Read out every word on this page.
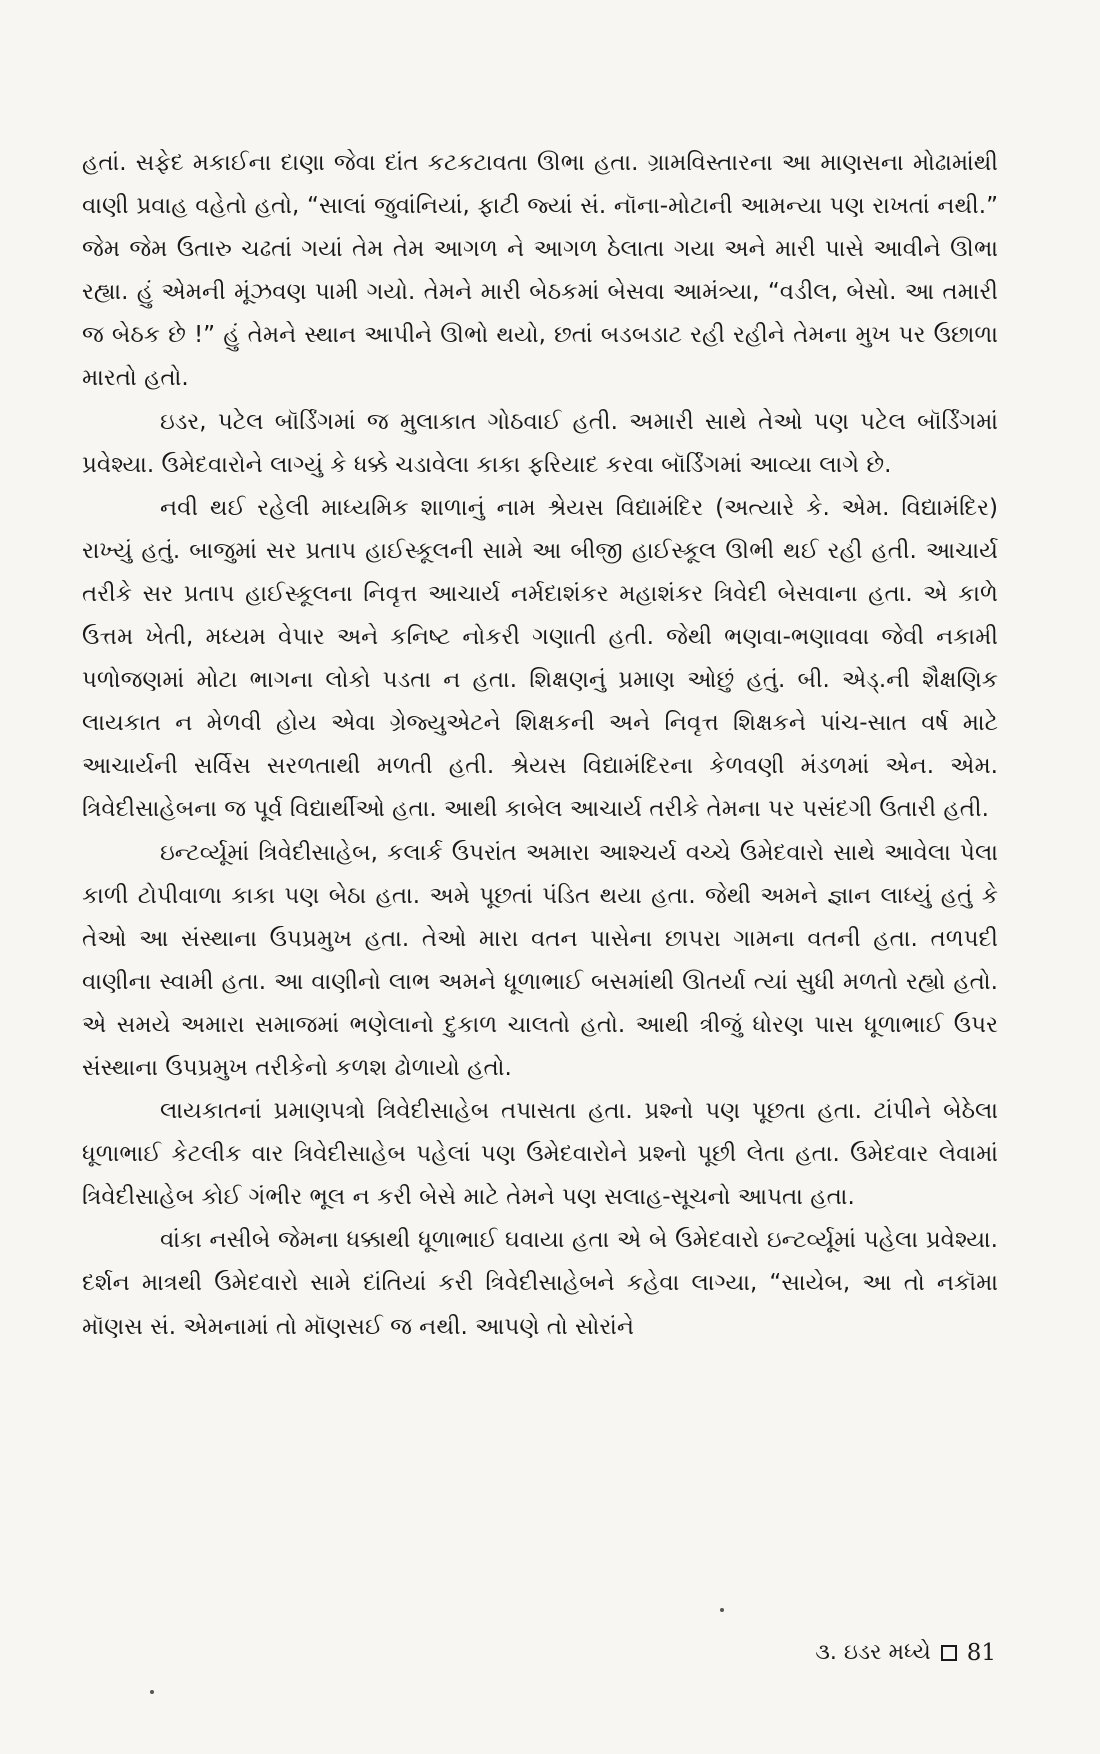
હતાં. સફેદ મકાઈના દાણા જેવા દાંત કટકટાવતા ઊભા હતા. ગ્રામવિસ્તારના આ માણસના મોઢામાંથી વાણી પ્રવાહ વહેતો હતો, “સાલાં જુવાંનિયાં, ફાટી જ્યાં સં. નૉના-મોટાની આમન્યા પણ રાખતાં નથી.” જેમ જેમ ઉતારુ ચઢતાં ગયાં તેમ તેમ આગળ ને આગળ ઠેલાતા ગયા અને મારી પાસે આવીને ઊભા રહ્યા. હું એમની મૂંઝવણ પામી ગયો. તેમને મારી બેઠકમાં બેસવા આમંત્ર્યા, “વડીલ, બેસો. આ તમારી જ બેઠક છે !” હું તેમને સ્થાન આપીને ઊભો થયો, છતાં બડબડાટ રહી રહીને તેમના મુખ પર ઉછાળા મારતો હતો.

ઇડર, પટેલ બૉર્ડિંગમાં જ મુલાકાત ગોઠવાઈ હતી. અમારી સાથે તેઓ પણ પટેલ બૉર્ડિંગમાં પ્રવેશ્યા. ઉમેદવારોને લાગ્યું કે ધક્કે ચડાવેલા કાકા ફરિયાદ કરવા બૉર્ડિંગમાં આવ્યા લાગે છે.

નવી થઈ રહેલી માધ્યમિક શાળાનું નામ શ્રેયસ વિદ્યામંદિર (અત્યારે કે. એમ. વિદ્યામંદિર) રાખ્યું હતું. બાજુમાં સર પ્રતાપ હાઈસ્કૂલની સામે આ બીજી હાઈસ્કૂલ ઊભી થઈ રહી હતી. આચાર્ય તરીકે સર પ્રતાપ હાઈસ્કૂલના નિવૃત્ત આચાર્ય નર્મદાશંકર મહાશંકર ત્રિવેદી બેસવાના હતા. એ કાળે ઉત્તમ ખેતી, મધ્યમ વેપાર અને કનિષ્ટ નોકરી ગણાતી હતી. જેથી ભણવા-ભણાવવા જેવી નકામી પળોજણમાં મોટા ભાગના લોકો પડતા ન હતા. શિક્ષણનું પ્રમાણ ઓછું હતું. બી. એડ્.ની શૈક્ષણિક લાયકાત ન મેળવી હોય એવા ગ્રેજ્યુએટને શિક્ષકની અને નિવૃત્ત શિક્ષકને પાંચ-સાત વર્ષ માટે આચાર્યની સર્વિસ સરળતાથી મળતી હતી. શ્રેયસ વિદ્યામંદિરના કેળવણી મંડળમાં એન. એમ. ત્રિવેદીસાહેબના જ પૂર્વ વિદ્યાર્થીઓ હતા. આથી કાબેલ આચાર્ય તરીકે તેમના પર પસંદગી ઉતારી હતી.

ઇન્ટર્વ્યૂમાં ત્રિવેદીસાહેબ, કલાર્ક ઉપરાંત અમારા આશ્ચર્ય વચ્ચે ઉમેદવારો સાથે આવેલા પેલા કાળી ટોપીવાળા કાકા પણ બેઠા હતા. અમે પૂછતાં પંડિત થયા હતા. જેથી અમને જ્ઞાન લાધ્યું હતું કે તેઓ આ સંસ્થાના ઉપપ્રમુખ હતા. તેઓ મારા વતન પાસેના છાપરા ગામના વતની હતા. તળપદી વાણીના સ્વામી હતા. આ વાણીનો લાભ અમને ધૂળાભાઈ બસમાંથી ઊતર્યા ત્યાં સુધી મળતો રહ્યો હતો. એ સમયે અમારા સમાજમાં ભણેલાનો દુકાળ ચાલતો હતો. આથી ત્રીજું ધોરણ પાસ ધૂળાભાઈ ઉપર સંસ્થાના ઉપપ્રમુખ તરીકેનો કળશ ઢોળાયો હતો.

લાયકાતનાં પ્રમાણપત્રો ત્રિવેદીસાહેબ તપાસતા હતા. પ્રશ્નો પણ પૂછતા હતા. ટાંપીને બેઠેલા ધૂળાભાઈ કેટલીક વાર ત્રિવેદીસાહેબ પહેલાં પણ ઉમેદવારોને પ્રશ્નો પૂછી લેતા હતા. ઉમેદવાર લેવામાં ત્રિવેદીસાહેબ કોઈ ગંભીર ભૂલ ન કરી બેસે માટે તેમને પણ સલાહ-સૂચનો આપતા હતા.

વાંકા નસીબે જેમના ધક્કાથી ધૂળાભાઈ ઘવાયા હતા એ બે ઉમેદવારો ઇન્ટર્વ્યૂમાં પહેલા પ્રવેશ્યા. દર્શન માત્રથી ઉમેદવારો સામે દાંતિયાં કરી ત્રિવેદીસાહેબને કહેવા લાગ્યા, “સાયેબ, આ તો નકૉમા મૉણસ સં. એમનામાં તો મૉણસઈ જ નથી. આપણે તો સોરાંને

૩. ઇડર મધ્યે 81
